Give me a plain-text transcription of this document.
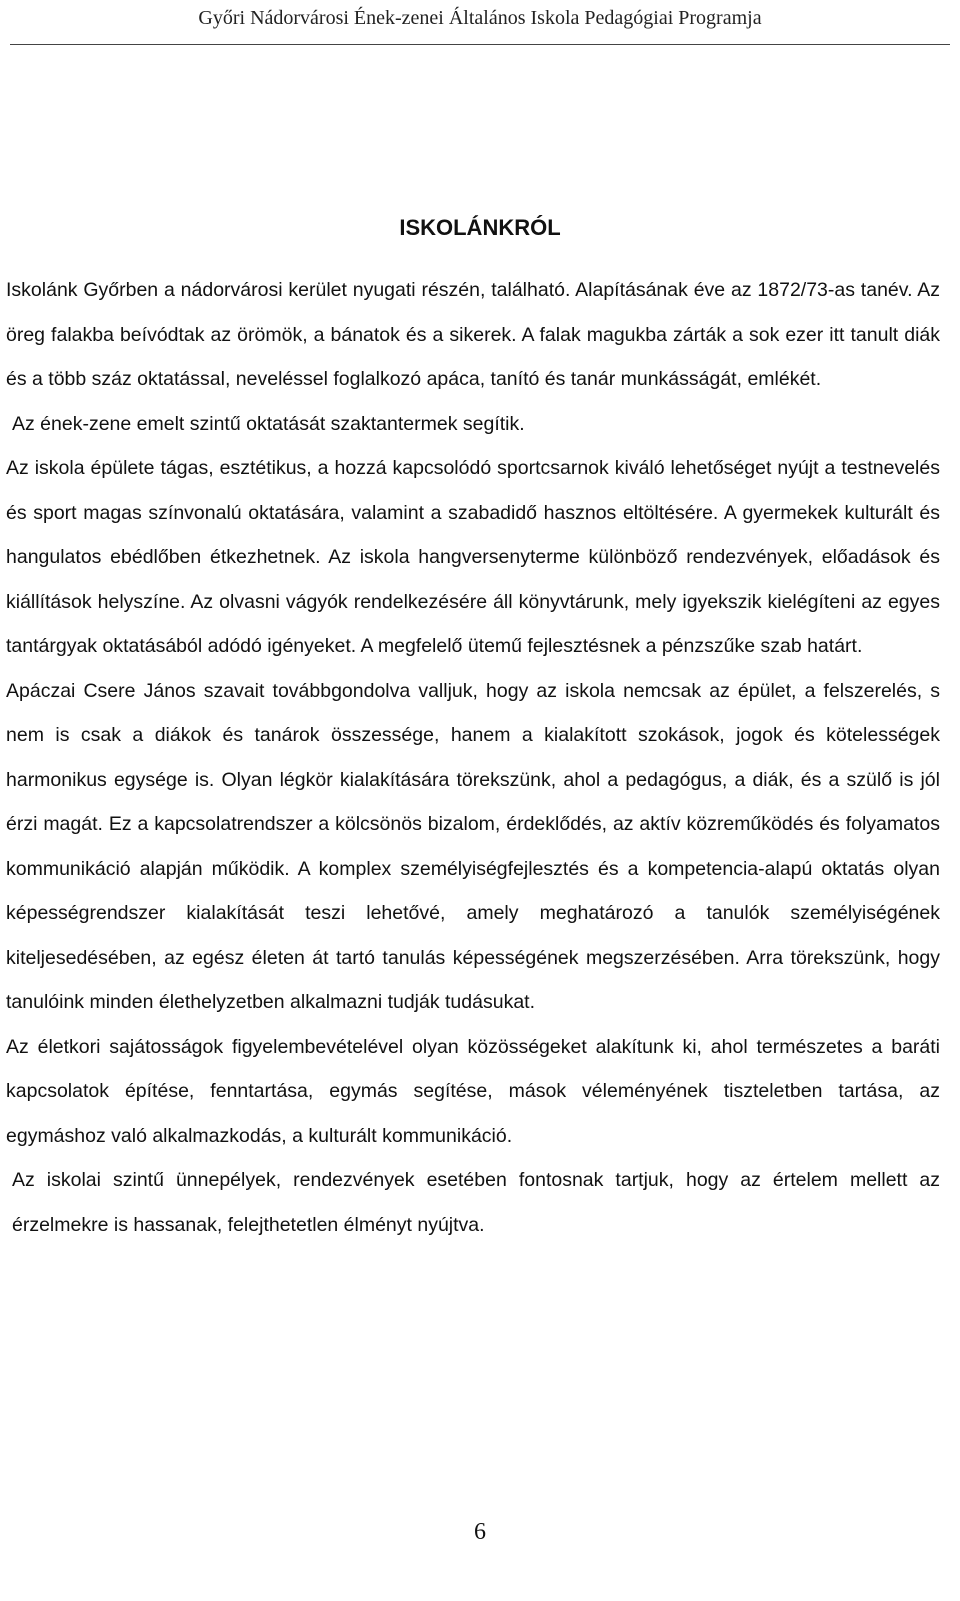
Győri Nádorvárosi Ének-zenei Általános Iskola Pedagógiai Programja
ISKOLÁNKRÓL

Iskolánk Győrben a nádorvárosi kerület nyugati részén, található. Alapításának éve az 1872/73-as tanév. Az öreg falakba beívódtak az örömök, a bánatok és a sikerek. A falak magukba zárták a sok ezer itt tanult diák és a több száz oktatással, neveléssel foglalkozó apáca, tanító és tanár munkásságát, emlékét.

Az ének-zene emelt szintű oktatását szaktantermek segítik.

Az iskola épülete tágas, esztétikus, a hozzá kapcsolódó sportcsarnok kiváló lehetőséget nyújt a testnevelés és sport magas színvonalú oktatására, valamint a szabadidő hasznos eltöltésére. A gyermekek kulturált és hangulatos ebédlőben étkezhetnek. Az iskola hangversenyterme különböző rendezvények, előadások és kiállítások helyszíne. Az olvasni vágyók rendelkezésére áll könyvtárunk, mely igyekszik kielégíteni az egyes tantárgyak oktatásából adódó igényeket. A megfelelő ütemű fejlesztésnek a pénzszűke szab határt.

Apáczai Csere János szavait továbbgondolva valljuk, hogy az iskola nemcsak az épület, a felszerelés, s nem is csak a diákok és tanárok összessége, hanem a kialakított szokások, jogok és kötelességek harmonikus egysége is. Olyan légkör kialakítására törekszünk, ahol a pedagógus, a diák, és a szülő is jól érzi magát. Ez a kapcsolatrendszer a kölcsönös bizalom, érdeklődés, az aktív közreműködés és folyamatos kommunikáció alapján működik. A komplex személyiségfejlesztés és a kompetencia-alapú oktatás olyan képességrendszer kialakítását teszi lehetővé, amely meghatározó a tanulók személyiségének kiteljesedésében, az egész életen át tartó tanulás képességének megszerzésében. Arra törekszünk, hogy tanulóink minden élethelyzetben alkalmazni tudják tudásukat.

Az életkori sajátosságok figyelembevételével olyan közösségeket alakítunk ki, ahol természetes a baráti kapcsolatok építése, fenntartása, egymás segítése, mások véleményének tiszteletben tartása, az egymáshoz való alkalmazkodás, a kulturált kommunikáció.

Az iskolai szintű ünnepélyek, rendezvények esetében fontosnak tartjuk, hogy az értelem mellett az érzelmekre is hassanak, felejthetetlen élményt nyújtva.

6
